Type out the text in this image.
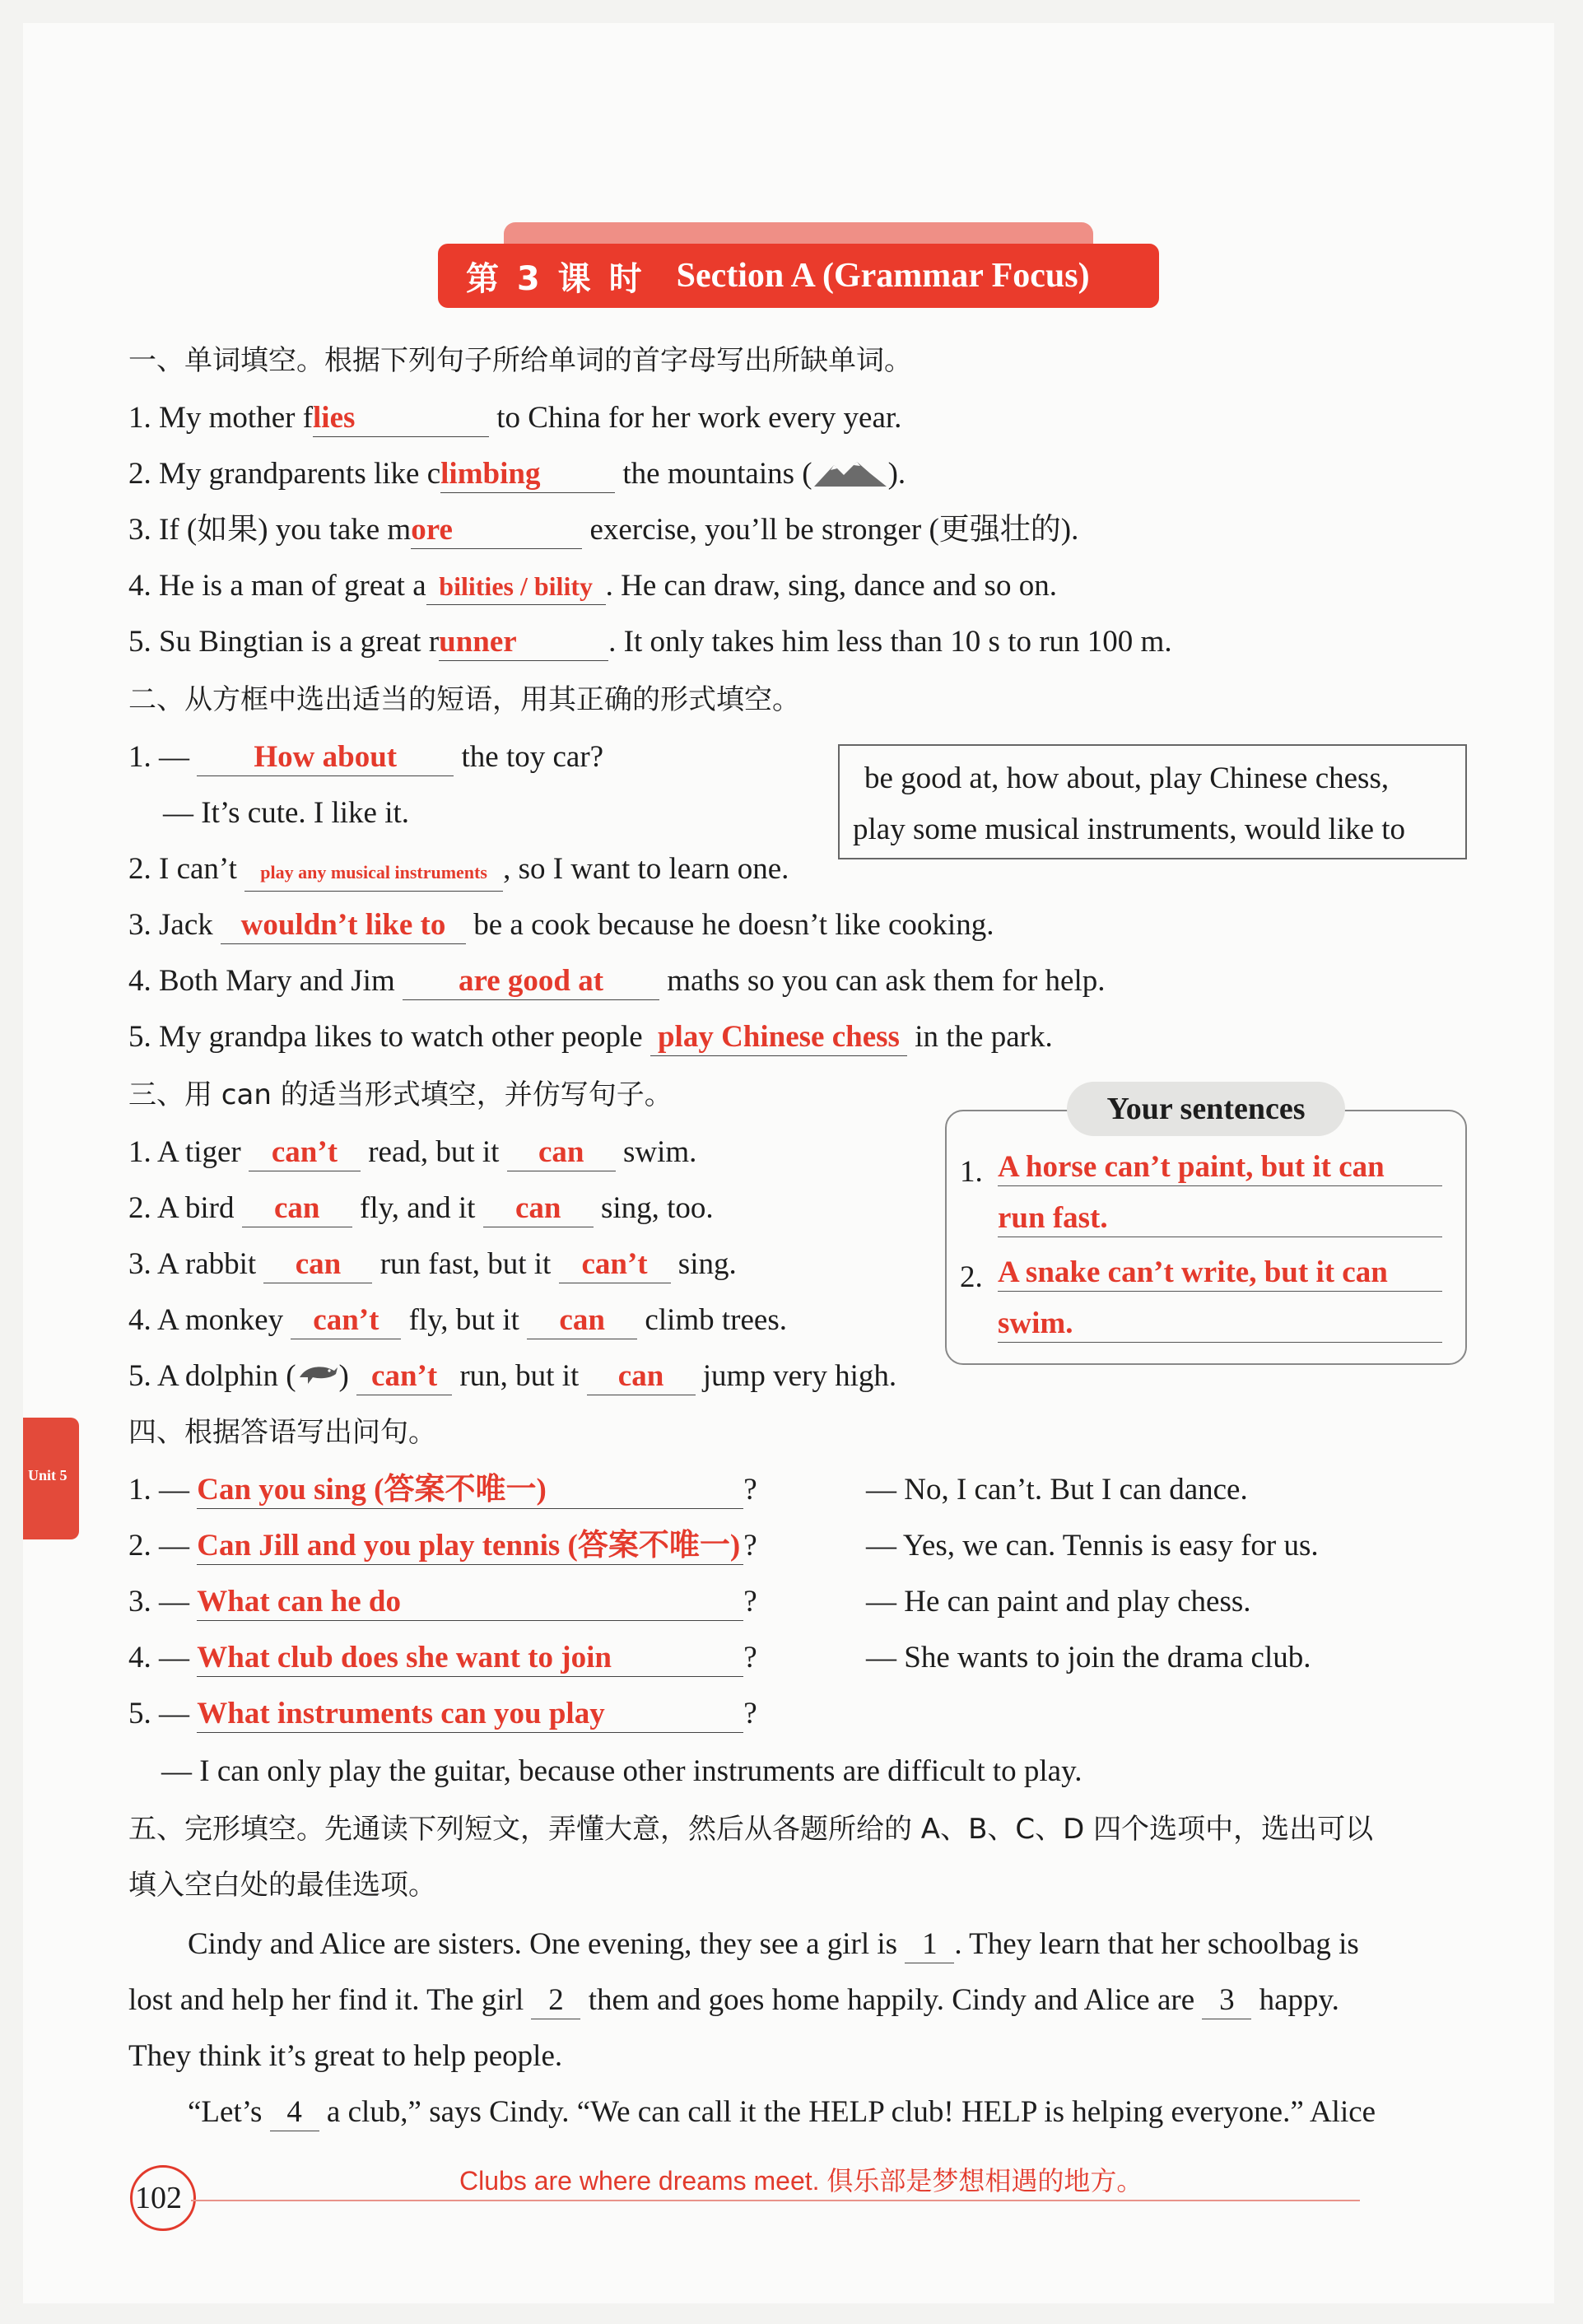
第 3 课 时 Section A (Grammar Focus)
一、单词填空。根据下列句子所给单词的首字母写出所缺单词。
1. My mother flies	to China for her work every year.
2. My grandparents like climbing	the mountains ( ).
3. If (如果) you take more	exercise, you’ll be stronger (更强壮的).
4. He is a man of great a bilities / bility . He can draw, sing, dance and so on.
5. Su Bingtian is a great runner	. It only takes him less than 10 s to run 100 m.
二、从方框中选出适当的短语，用其正确的形式填空。
be good at, how about, play Chinese chess,
play some musical instruments, would like to
1. — How about the toy car?
— It’s cute. I like it.
2. I can’t play any musical instruments , so I want to learn one.
3. Jack wouldn’t like to be a cook because he doesn’t like cooking.
4. Both Mary and Jim are good at maths so you can ask them for help.
5. My grandpa likes to watch other people play Chinese chess in the park.
三、用 can 的适当形式填空，并仿写句子。
1. A tiger can’t read, but it can swim.
2. A bird can fly, and it can sing, too.
3. A rabbit can run fast, but it can’t sing.
4. A monkey can’t fly, but it can climb trees.
5. A dolphin ( ) can’t run, but it can jump very high.
Your sentences
1. A horse can’t paint, but it can
run fast.
2. A snake can’t write, but it can
swim.
Unit 5
四、根据答语写出问句。
1. — Can you sing (答案不唯一)	?	— No, I can’t. But I can dance.
2. — Can Jill and you play tennis (答案不唯一) ?	— Yes, we can. Tennis is easy for us.
3. — What can he do	?	— He can paint and play chess.
4. — What club does she want to join	?	— She wants to join the drama club.
5. — What instruments can you play	?
— I can only play the guitar, because other instruments are difficult to play.
五、完形填空。先通读下列短文，弄懂大意，然后从各题所给的 A、B、C、D 四个选项中，选出可以
填入空白处的最佳选项。
Cindy and Alice are sisters. One evening, they see a girl is 1 . They learn that her schoolbag is
lost and help her find it. The girl 2 them and goes home happily. Cindy and Alice are 3 happy.
They think it’s great to help people.
“Let’s 4 a club,” says Cindy. “We can call it the HELP club! HELP is helping everyone.” Alice
102	Clubs are where dreams meet. 俱乐部是梦想相遇的地方。
